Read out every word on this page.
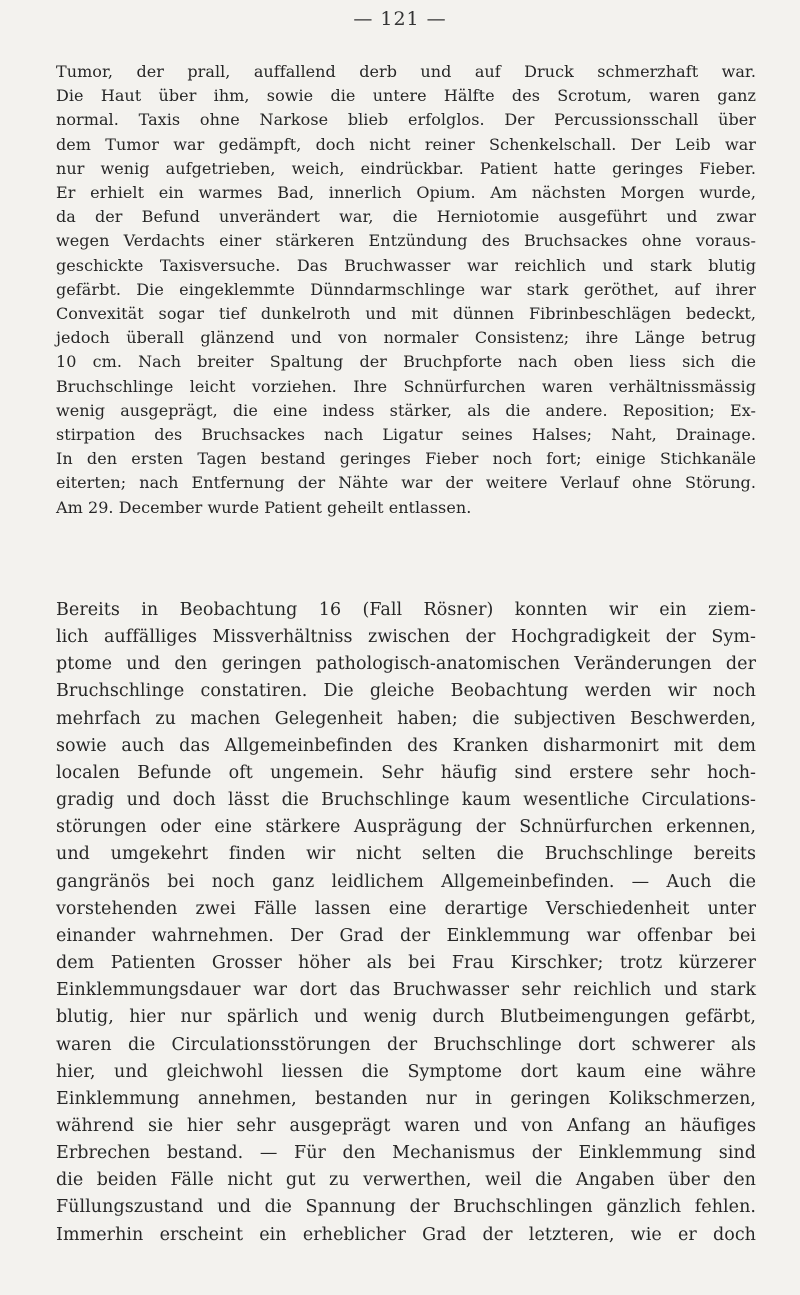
— 121 —
Tumor, der prall, auffallend derb und auf Druck schmerzhaft war.
Die Haut über ihm, sowie die untere Hälfte des Scrotum, waren ganz
normal. Taxis ohne Narkose blieb erfolglos. Der Percussionsschall über
dem Tumor war gedämpft, doch nicht reiner Schenkelschall. Der Leib war
nur wenig aufgetrieben, weich, eindrückbar. Patient hatte geringes Fieber.
Er erhielt ein warmes Bad, innerlich Opium. Am nächsten Morgen wurde,
da der Befund unverändert war, die Herniotomie ausgeführt und zwar
wegen Verdachts einer stärkeren Entzündung des Bruchsackes ohne voraus-
geschickte Taxisversuche. Das Bruchwasser war reichlich und stark blutig
gefärbt. Die eingeklemmte Dünndarmschlinge war stark geröthet, auf ihrer
Convexität sogar tief dunkelroth und mit dünnen Fibrinbeschlägen bedeckt,
jedoch überall glänzend und von normaler Consistenz; ihre Länge betrug
10 cm. Nach breiter Spaltung der Bruchpforte nach oben liess sich die
Bruchschlinge leicht vorziehen. Ihre Schnürfurchen waren verhältnissmässig
wenig ausgeprägt, die eine indess stärker, als die andere. Reposition; Ex-
stirpation des Bruchsackes nach Ligatur seines Halses; Naht, Drainage.
In den ersten Tagen bestand geringes Fieber noch fort; einige Stichkanäle
eiterten; nach Entfernung der Nähte war der weitere Verlauf ohne Störung.
Am 29. December wurde Patient geheilt entlassen.
Bereits in Beobachtung 16 (Fall Rösner) konnten wir ein ziem-
lich auffälliges Missverhältniss zwischen der Hochgradigkeit der Sym-
ptome und den geringen pathologisch-anatomischen Veränderungen der
Bruchschlinge constatiren. Die gleiche Beobachtung werden wir noch
mehrfach zu machen Gelegenheit haben; die subjectiven Beschwerden,
sowie auch das Allgemeinbefinden des Kranken disharmonirt mit dem
localen Befunde oft ungemein. Sehr häufig sind erstere sehr hoch-
gradig und doch lässt die Bruchschlinge kaum wesentliche Circulations-
störungen oder eine stärkere Ausprägung der Schnürfurchen erkennen,
und umgekehrt finden wir nicht selten die Bruchschlinge bereits
gangränös bei noch ganz leidlichem Allgemeinbefinden. — Auch die
vorstehenden zwei Fälle lassen eine derartige Verschiedenheit unter
einander wahrnehmen. Der Grad der Einklemmung war offenbar bei
dem Patienten Grosser höher als bei Frau Kirschker; trotz kürzerer
Einklemmungsdauer war dort das Bruchwasser sehr reichlich und stark
blutig, hier nur spärlich und wenig durch Blutbeimengungen gefärbt,
waren die Circulationsstörungen der Bruchschlinge dort schwerer als
hier, und gleichwohl liessen die Symptome dort kaum eine währe
Einklemmung annehmen, bestanden nur in geringen Kolikschmerzen,
während sie hier sehr ausgeprägt waren und von Anfang an häufiges
Erbrechen bestand. — Für den Mechanismus der Einklemmung sind
die beiden Fälle nicht gut zu verwerthen, weil die Angaben über den
Füllungszustand und die Spannung der Bruchschlingen gänzlich fehlen.
Immerhin erscheint ein erheblicher Grad der letzteren, wie er doch
